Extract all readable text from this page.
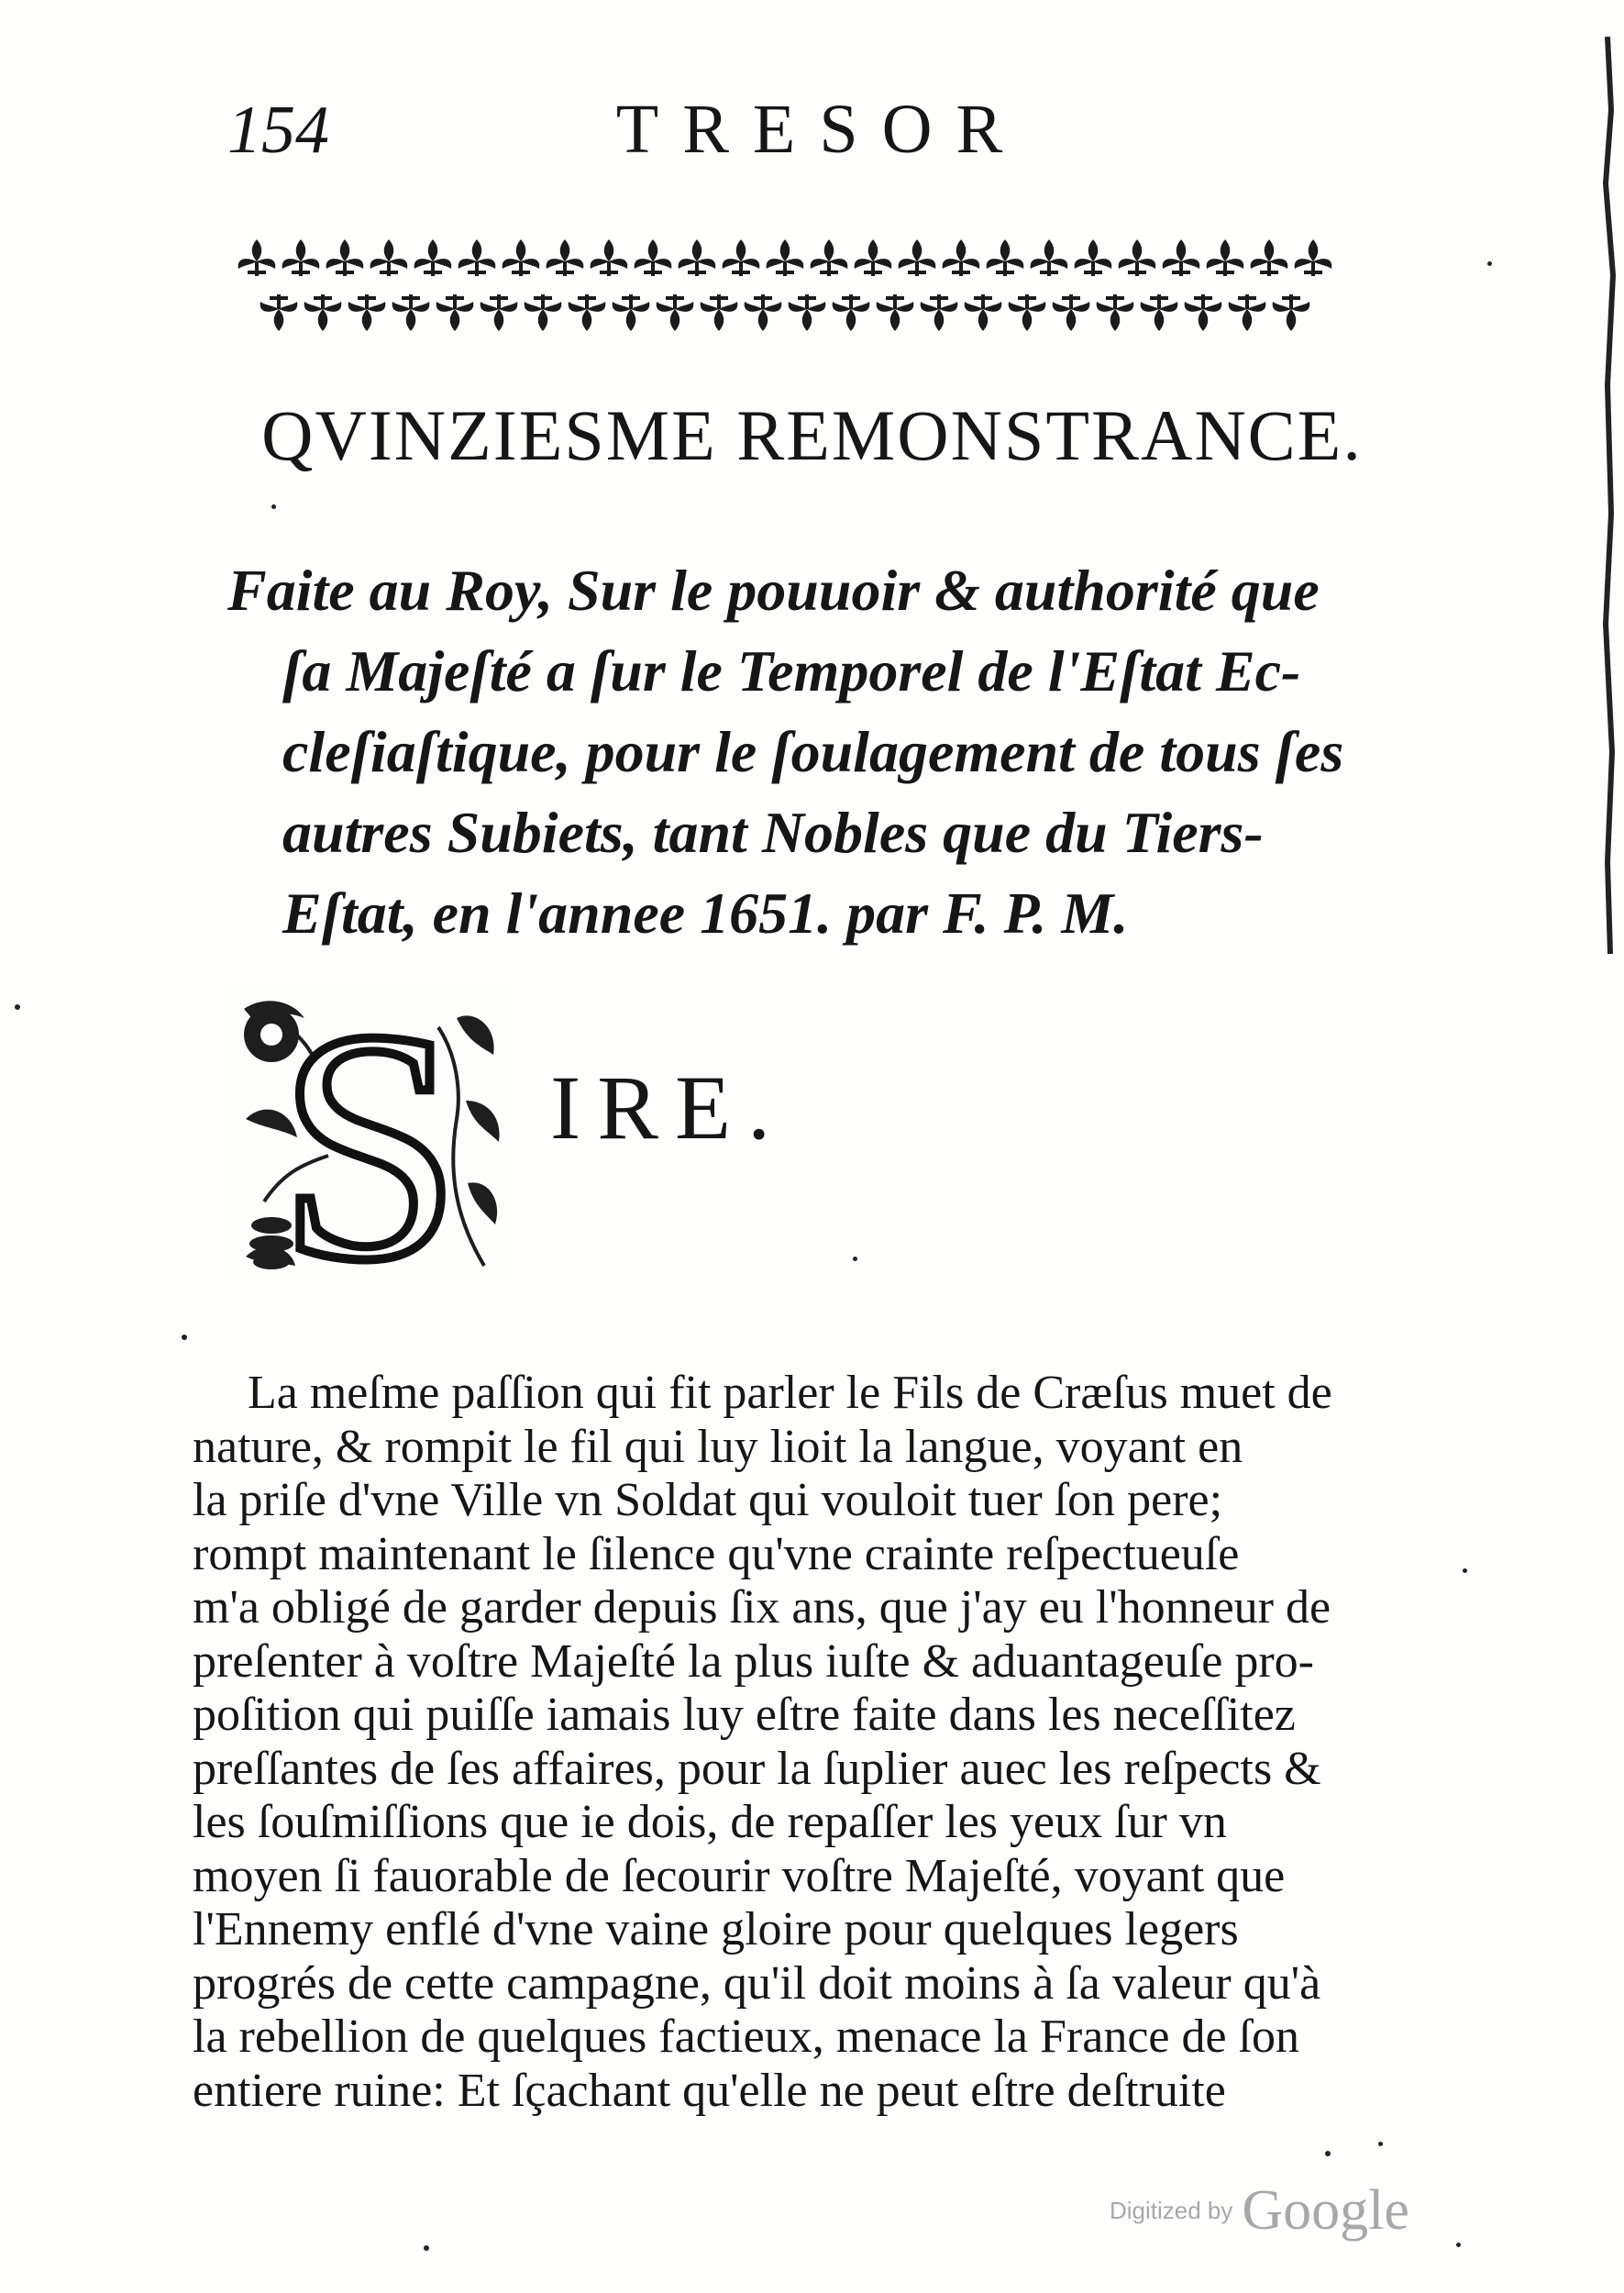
154	TRESOR
QVINZIESME REMONSTRANCE.
Faite au Roy, Sur le pouuoir & authorité que
ſa Majeſté a ſur le Temporel de l'Eſtat Ec-
cleſiaſtique, pour le ſoulagement de tous ſes
autres Subiets, tant Nobles que du Tiers-
Eſtat, en l'annee 1651. par F. P. M.
S IRE.
La meſme paſſion qui fit parler le Fils de Cræſus muet de
nature, & rompit le fil qui luy lioit la langue, voyant en
la priſe d'vne Ville vn Soldat qui vouloit tuer ſon pere;
rompt maintenant le ſilence qu'vne crainte reſpectueuſe
m'a obligé de garder depuis ſix ans, que j'ay eu l'honneur de
preſenter à voſtre Majeſté la plus iuſte & aduantageuſe pro-
poſition qui puiſſe iamais luy eſtre faite dans les neceſſitez
preſſantes de ſes affaires, pour la ſuplier auec les reſpects &
les ſouſmiſſions que ie dois, de repaſſer les yeux ſur vn
moyen ſi fauorable de ſecourir voſtre Majeſté, voyant que
l'Ennemy enflé d'vne vaine gloire pour quelques legers
progrés de cette campagne, qu'il doit moins à ſa valeur qu'à
la rebellion de quelques factieux, menace la France de ſon
entiere ruine: Et ſçachant qu'elle ne peut eſtre deſtruite
Digitized by Google
